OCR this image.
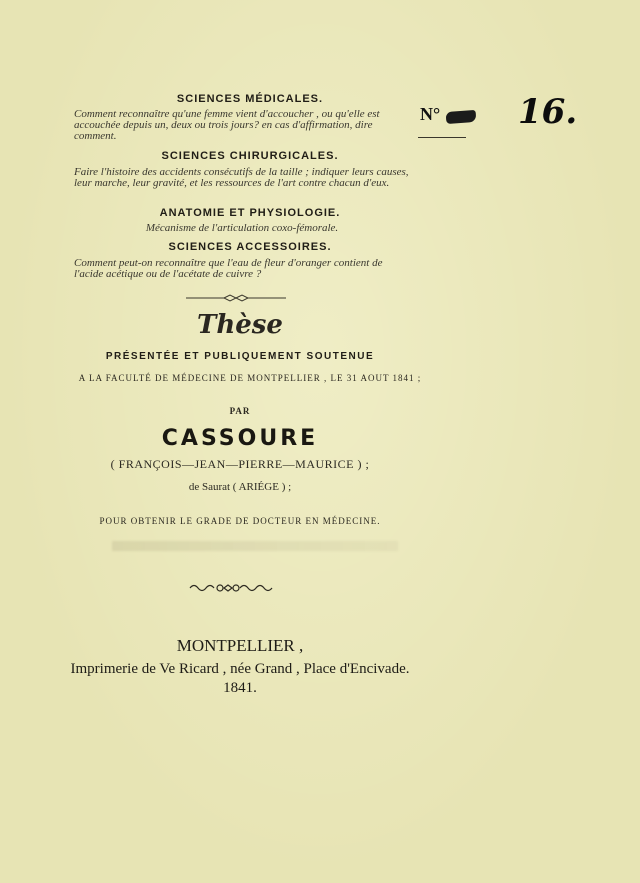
N° 16.
SCIENCES MÉDICALES.
Comment reconnaître qu'une femme vient d'accoucher , ou qu'elle est accouchée depuis un, deux ou trois jours? en cas d'affirmation, dire comment.
SCIENCES CHIRURGICALES.
Faire l'histoire des accidents consécutifs de la taille ; indiquer leurs causes, leur marche, leur gravité, et les ressources de l'art contre chacun d'eux.
ANATOMIE ET PHYSIOLOGIE.
Mécanisme de l'articulation coxo-fémorale.
SCIENCES ACCESSOIRES.
Comment peut-on reconnaître que l'eau de fleur d'oranger contient de l'acide acétique ou de l'acétate de cuivre ?
Thèse
PRÉSENTÉE ET PUBLIQUEMENT SOUTENUE
A LA FACULTÉ DE MÉDECINE DE MONTPELLIER , LE 31 AOUT 1841 ;
PAR
CASSOURE
( FRANÇOIS—JEAN—PIERRE—MAURICE ) ;
de Saurat ( ARIÉGE ) ;
POUR OBTENIR LE GRADE DE DOCTEUR EN MÉDECINE.
MONTPELLIER ,
Imprimerie de Ve Ricard , née Grand , Place d'Encivade.
1841.
